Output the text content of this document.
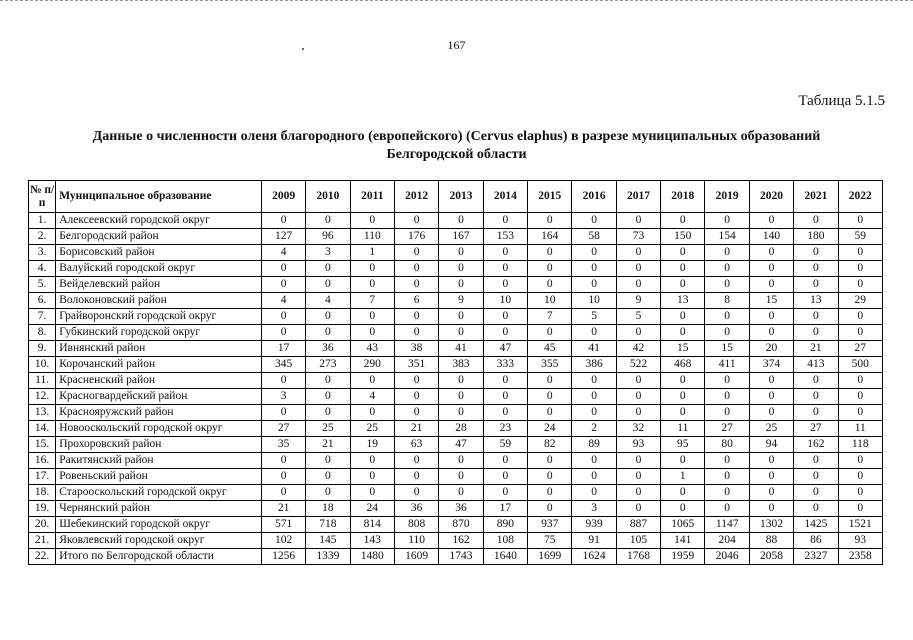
167
Таблица 5.1.5
Данные о численности оленя благородного (европейского) (Cervus elaphus) в разрезе муниципальных образований
Белгородской области
№ п/п	Муниципальное образование	2009	2010	2011	2012	2013	2014	2015	2016	2017	2018	2019	2020	2021	2022
1.	Алексеевский городской округ	0	0	0	0	0	0	0	0	0	0	0	0	0	0
2.	Белгородский район	127	96	110	176	167	153	164	58	73	150	154	140	180	59
3.	Борисовский район	4	3	1	0	0	0	0	0	0	0	0	0	0	0
4.	Валуйский городской округ	0	0	0	0	0	0	0	0	0	0	0	0	0	0
5.	Вейделевский район	0	0	0	0	0	0	0	0	0	0	0	0	0	0
6.	Волоконовский район	4	4	7	6	9	10	10	10	9	13	8	15	13	29
7.	Грайворонский городской округ	0	0	0	0	0	0	7	5	5	0	0	0	0	0
8.	Губкинский городской округ	0	0	0	0	0	0	0	0	0	0	0	0	0	0
9.	Ивнянский район	17	36	43	38	41	47	45	41	42	15	15	20	21	27
10.	Корочанский район	345	273	290	351	383	333	355	386	522	468	411	374	413	500
11.	Красненский район	0	0	0	0	0	0	0	0	0	0	0	0	0	0
12.	Красногвардейский район	3	0	4	0	0	0	0	0	0	0	0	0	0	0
13.	Краснояружский район	0	0	0	0	0	0	0	0	0	0	0	0	0	0
14.	Новооскольский городской округ	27	25	25	21	28	23	24	2	32	11	27	25	27	11
15.	Прохоровский район	35	21	19	63	47	59	82	89	93	95	80	94	162	118
16.	Ракитянский район	0	0	0	0	0	0	0	0	0	0	0	0	0	0
17.	Ровеньский район	0	0	0	0	0	0	0	0	0	1	0	0	0	0
18.	Старооскольский городской округ	0	0	0	0	0	0	0	0	0	0	0	0	0	0
19.	Чернянский район	21	18	24	36	36	17	0	3	0	0	0	0	0	0
20.	Шебекинский городской округ	571	718	814	808	870	890	937	939	887	1065	1147	1302	1425	1521
21.	Яковлевский городской округ	102	145	143	110	162	108	75	91	105	141	204	88	86	93
22.	Итого по Белгородской области	1256	1339	1480	1609	1743	1640	1699	1624	1768	1959	2046	2058	2327	2358
